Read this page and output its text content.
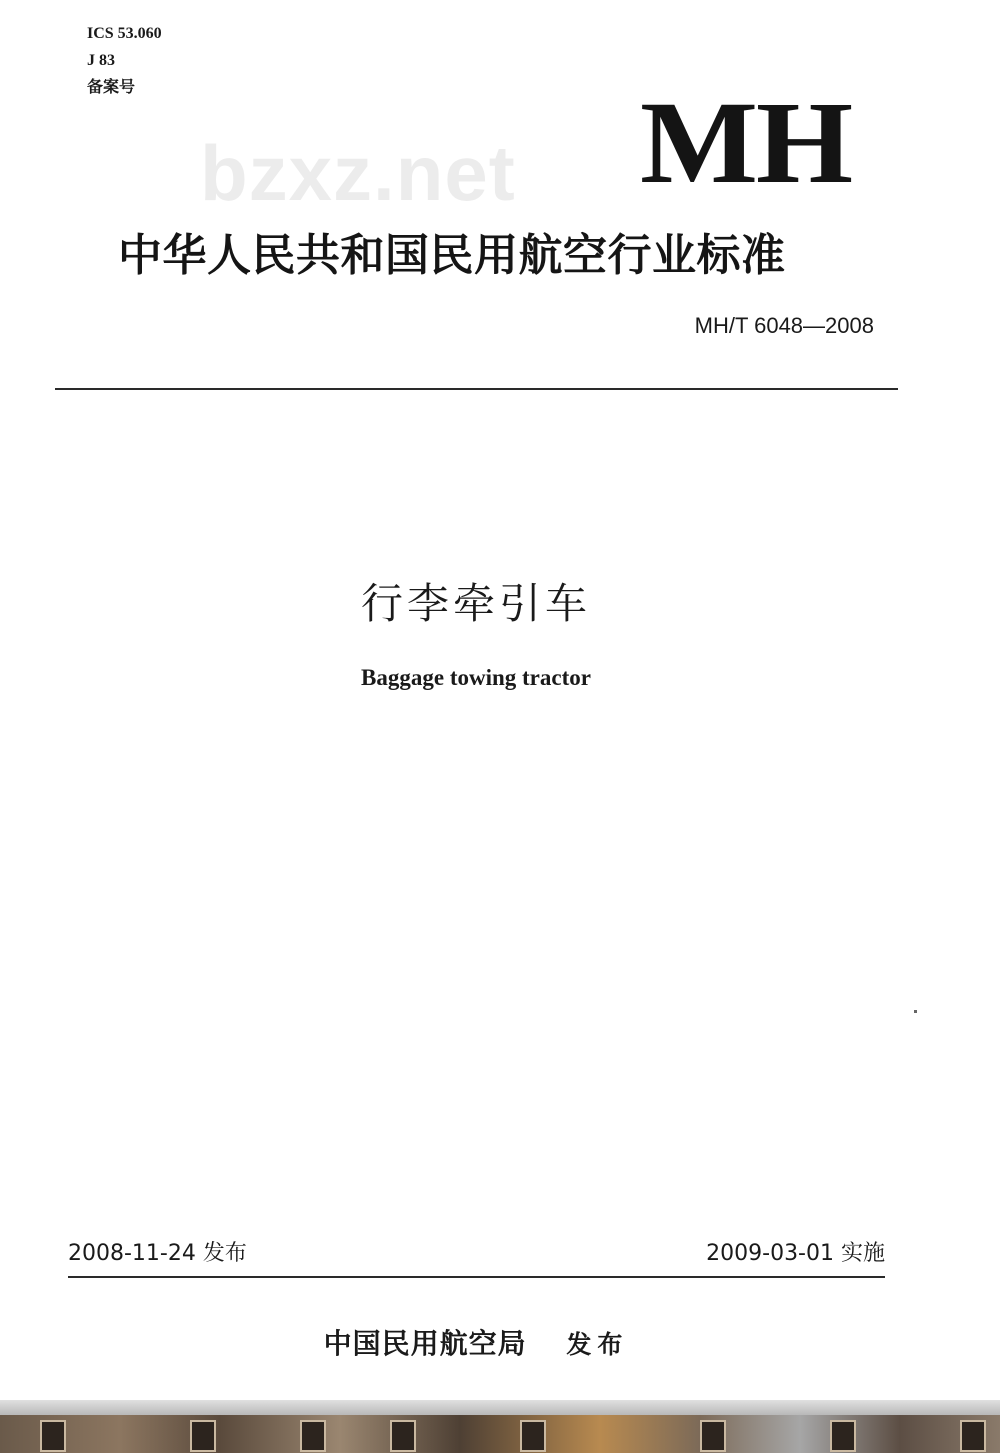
ICS 53.060
J 83
备案号
bzxz.net MH
中华人民共和国民用航空行业标准
MH/T 6048—2008
行李牵引车
Baggage towing tractor
2008-11-24 发布	2009-03-01 实施
中国民用航空局 发布
